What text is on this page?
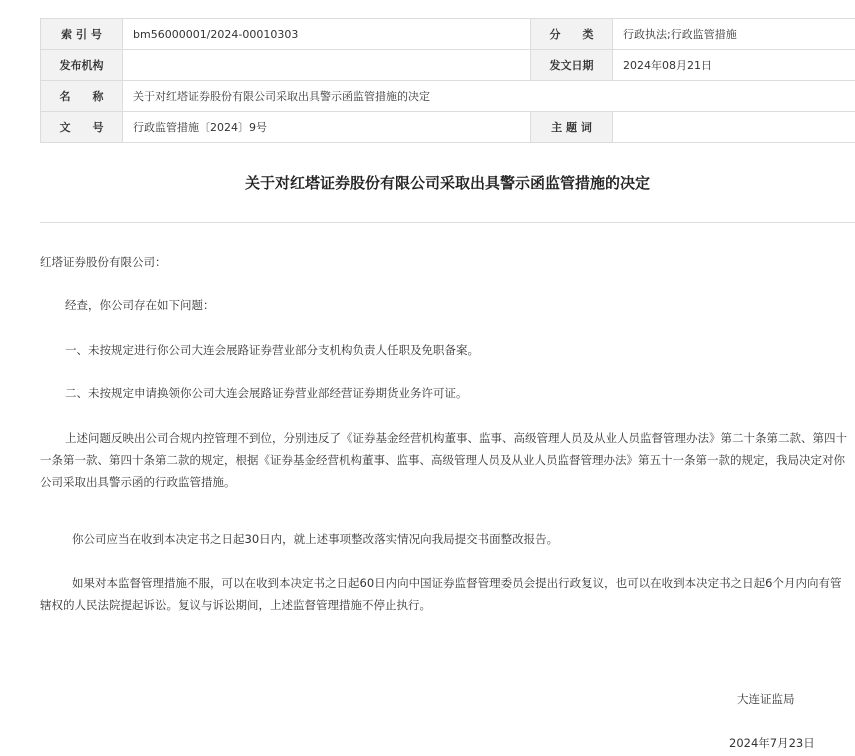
索 引 号	bm56000001/2024-00010303	分　　类	行政执法;行政监管措施
发布机构		发文日期	2024年08月21日
名　　称	关于对红塔证券股份有限公司采取出具警示函监管措施的决定		
文　　号	行政监管措施〔2024〕9号	主 题 词	
关于对红塔证券股份有限公司采取出具警示函监管措施的决定

红塔证券股份有限公司：

经查，你公司存在如下问题：

一、未按规定进行你公司大连会展路证券营业部分支机构负责人任职及免职备案。

二、未按规定申请换领你公司大连会展路证券营业部经营证券期货业务许可证。

上述问题反映出公司合规内控管理不到位，分别违反了《证券基金经营机构董事、监事、高级管理人员及从业人员监督管理办法》第二十条第二款、第四十一条第一款、第四十条第二款的规定，根据《证券基金经营机构董事、监事、高级管理人员及从业人员监督管理办法》第五十一条第一款的规定，我局决定对你公司采取出具警示函的行政监管措施。

你公司应当在收到本决定书之日起30日内，就上述事项整改落实情况向我局提交书面整改报告。

如果对本监督管理措施不服，可以在收到本决定书之日起60日内向中国证券监督管理委员会提出行政复议，也可以在收到本决定书之日起6个月内向有管辖权的人民法院提起诉讼。复议与诉讼期间，上述监督管理措施不停止执行。

大连证监局
2024年7月23日
